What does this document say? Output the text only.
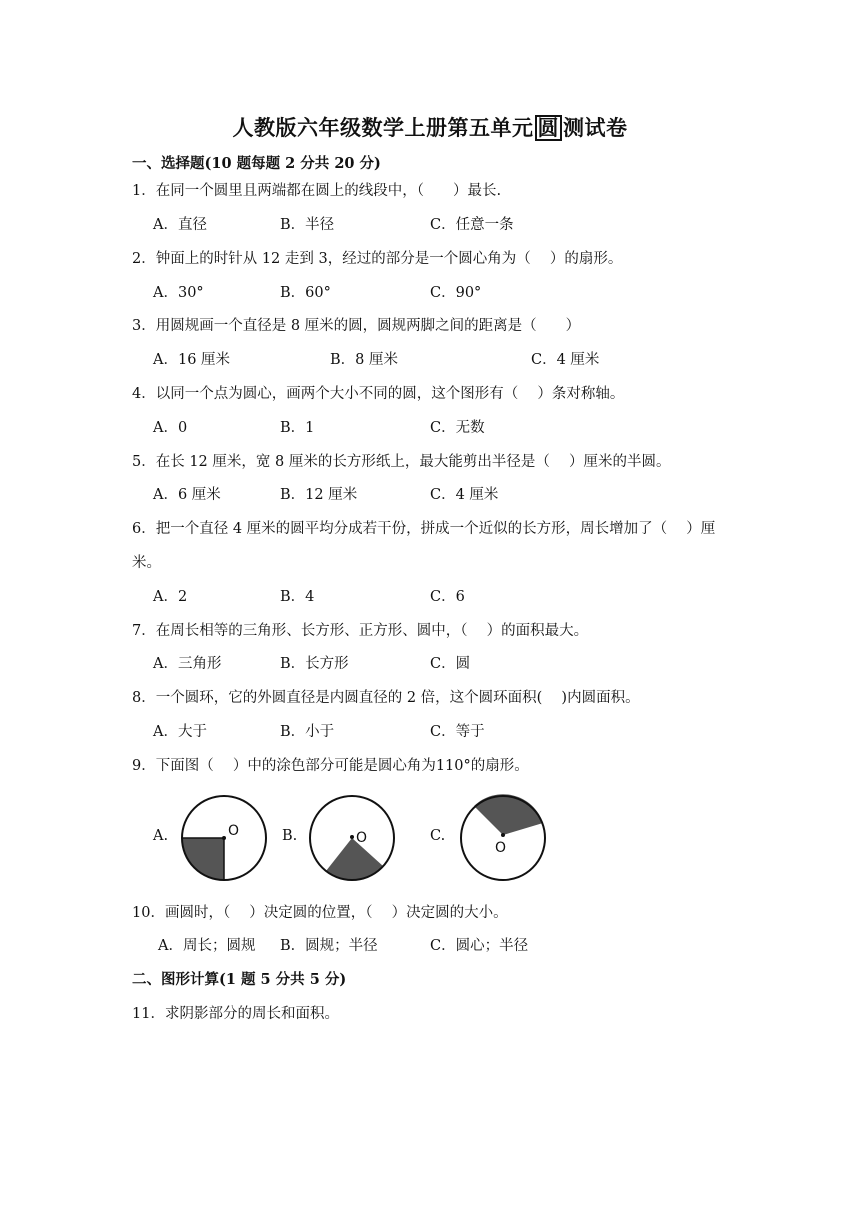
人教版六年级数学上册第五单元 圆 测试卷
一、选择题(10 题每题 2 分共 20 分)
1．在同一个圆里且两端都在圆上的线段中，（　　）最长.
A．直径	B．半径	C．任意一条
2．钟面上的时针从 12 走到 3，经过的部分是一个圆心角为（　 ）的扇形。
A．30°	B．60°	C．90°
3．用圆规画一个直径是 8 厘米的圆，圆规两脚之间的距离是（　　）
A．16 厘米	B．8 厘米	C．4 厘米
4．以同一个点为圆心，画两个大小不同的圆，这个图形有（　 ）条对称轴。
A．0	B．1	C．无数
5．在长 12 厘米，宽 8 厘米的长方形纸上，最大能剪出半径是（　 ）厘米的半圆。
A．6 厘米	B．12 厘米	C．4 厘米
6．把一个直径 4 厘米的圆平均分成若干份，拼成一个近似的长方形，周长增加了（　 ）厘
米。
A．2	B．4	C．6
7．在周长相等的三角形、长方形、正方形、圆中，（　 ）的面积最大。
A．三角形	B．长方形	C．圆
8．一个圆环，它的外圆直径是内圆直径的 2 倍，这个圆环面积(　 )内圆面积。
A．大于	B．小于	C．等于
9．下面图（　 ）中的涂色部分可能是圆心角为110°的扇形。
A.	O	B.	O	C.
O
10．画圆时，（　 ）决定圆的位置，（　 ）决定圆的大小。
A．周长；圆规 B．圆规；半径	C．圆心；半径
二、图形计算(1 题 5 分共 5 分)
11．求阴影部分的周长和面积。
